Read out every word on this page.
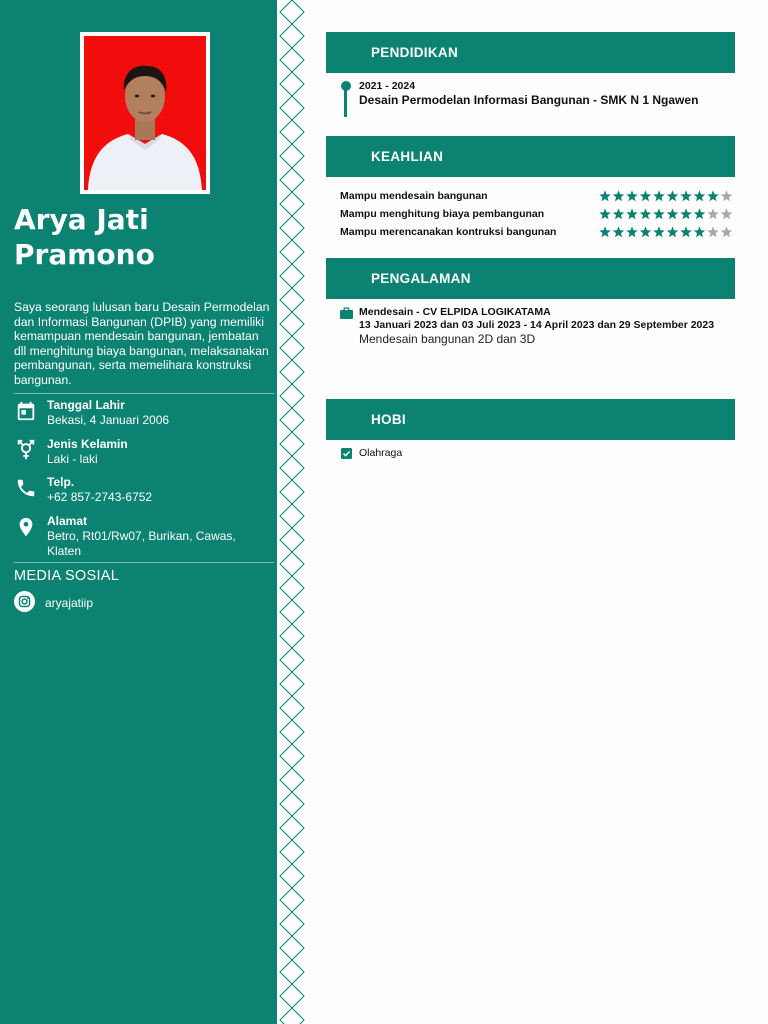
Arya Jati Pramono
Saya seorang lulusan baru Desain Permodelan dan Informasi Bangunan (DPIB) yang memiliki kemampuan mendesain bangunan, jembatan dll menghitung biaya bangunan, melaksanakan pembangunan, serta memelihara konstruksi bangunan.
Tanggal Lahir
Bekasi, 4 Januari 2006
Jenis Kelamin
Laki - laki
Telp.
+62 857-2743-6752
Alamat
Betro, Rt01/Rw07, Burikan, Cawas, Klaten
MEDIA SOSIAL
aryajatiip
PENDIDIKAN
2021 - 2024
Desain Permodelan Informasi Bangunan - SMK N 1 Ngawen
KEAHLIAN
Mampu mendesain bangunan
Mampu menghitung biaya pembangunan
Mampu merencanakan kontruksi bangunan
PENGALAMAN
Mendesain - CV ELPIDA LOGIKATAMA
13 Januari 2023 dan 03 Juli 2023 - 14 April 2023 dan 29 September 2023
Mendesain bangunan 2D dan 3D
HOBI
Olahraga
